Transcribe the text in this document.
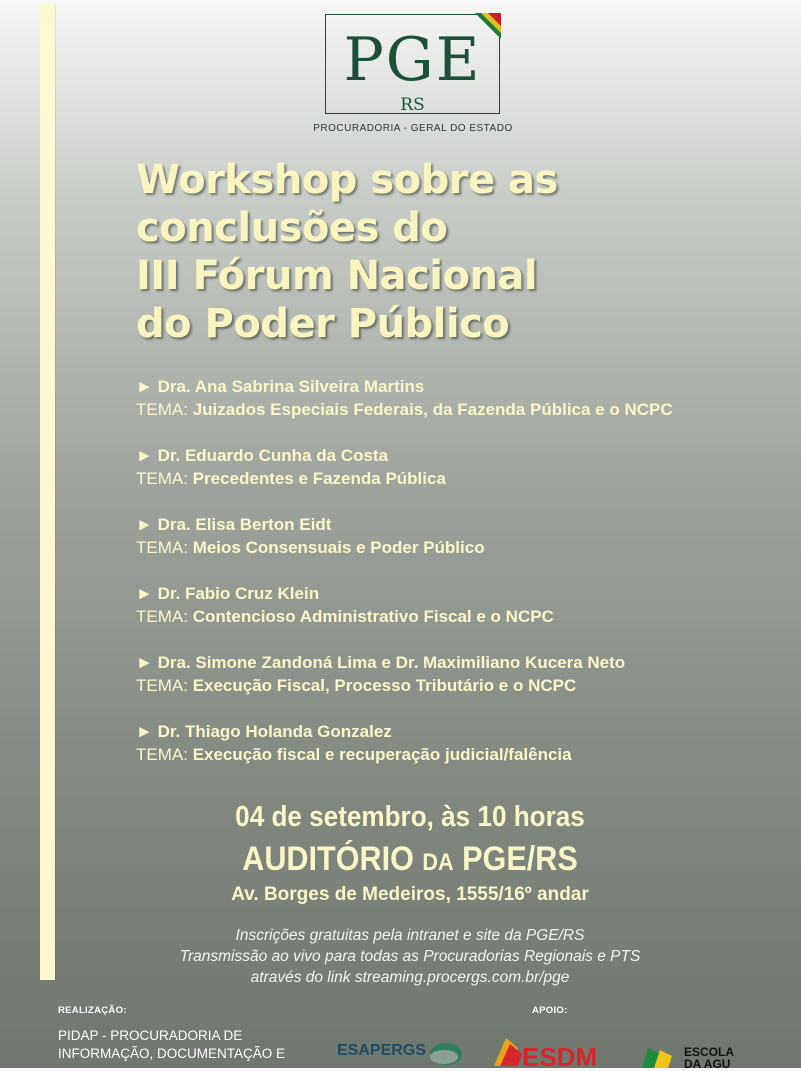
PGE
RS
PROCURADORIA - GERAL DO ESTADO
Workshop sobre as
conclusões do
III Fórum Nacional
do Poder Público
► Dra. Ana Sabrina Silveira Martins
TEMA: Juizados Especiais Federais, da Fazenda Pública e o NCPC
► Dr. Eduardo Cunha da Costa
TEMA: Precedentes e Fazenda Pública
► Dra. Elisa Berton Eidt
TEMA: Meios Consensuais e Poder Público
► Dr. Fabio Cruz Klein
TEMA: Contencioso Administrativo Fiscal e o NCPC
► Dra. Simone Zandoná Lima e Dr. Maximiliano Kucera Neto
TEMA: Execução Fiscal, Processo Tributário e o NCPC
► Dr. Thiago Holanda Gonzalez
TEMA: Execução fiscal e recuperação judicial/falência
04 de setembro, às 10 horas
AUDITÓRIO DA PGE/RS
Av. Borges de Medeiros, 1555/16º andar
Inscrições gratuitas pela intranet e site da PGE/RS
Transmissão ao vivo para todas as Procuradorias Regionais e PTS
através do link streaming.procergs.com.br/pge
REALIZAÇÃO:
PIDAP - PROCURADORIA DE
INFORMAÇÃO, DOCUMENTAÇÃO E
APOIO:
ESAPERGS	ESDM	ESCOLA
DA AGU
